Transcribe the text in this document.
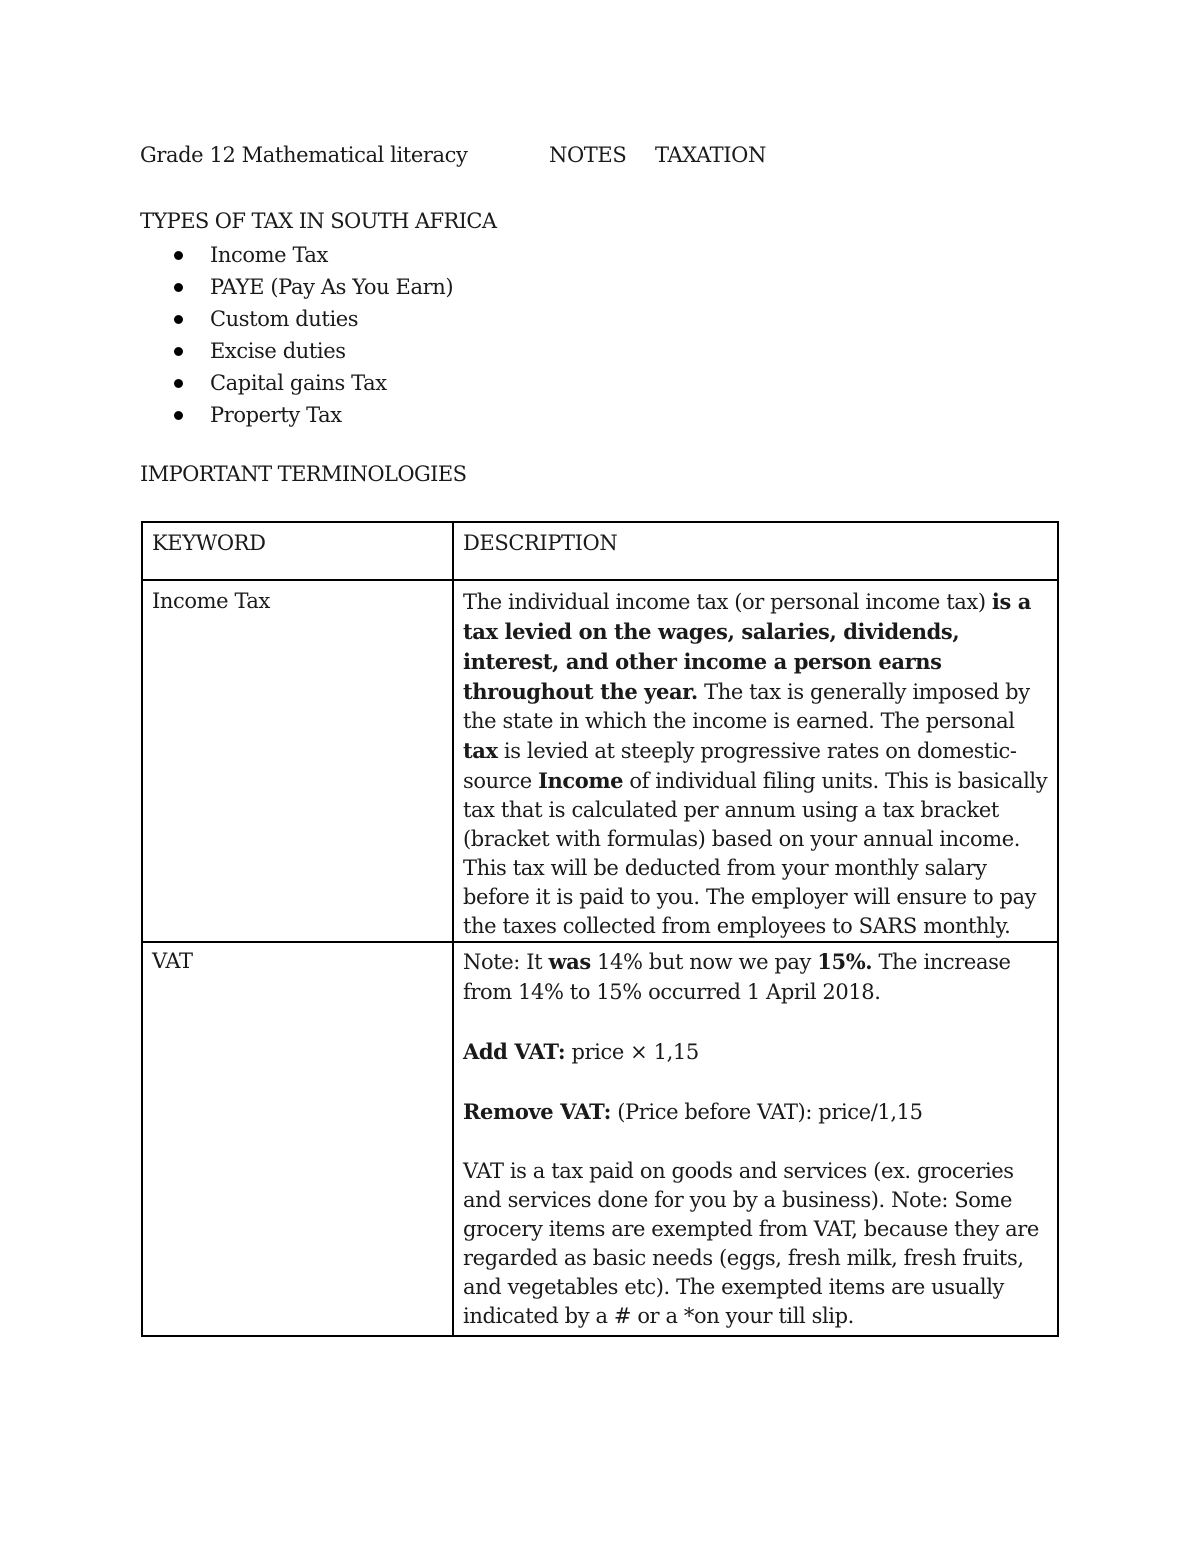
Grade 12 Mathematical literacy	NOTES TAXATION
TYPES OF TAX IN SOUTH AFRICA
Income Tax
PAYE (Pay As You Earn)
Custom duties
Excise duties
Capital gains Tax
Property Tax
IMPORTANT TERMINOLOGIES
KEYWORD	DESCRIPTION
Income Tax	The individual income tax (or personal income tax) is a tax levied on the wages, salaries, dividends, interest, and other income a person earns throughout the year. The tax is generally imposed by the state in which the income is earned. The personal tax is levied at steeply progressive rates on domestic-source Income of individual filing units. This is basically tax that is calculated per annum using a tax bracket (bracket with formulas) based on your annual income. This tax will be deducted from your monthly salary before it is paid to you. The employer will ensure to pay the taxes collected from employees to SARS monthly.

VAT	Note: It was 14% but now we pay 15%. The increase from 14% to 15% occurred 1 April 2018.

Add VAT: price × 1,15

Remove VAT: (Price before VAT): price/1,15

VAT is a tax paid on goods and services (ex. groceries and services done for you by a business). Note: Some grocery items are exempted from VAT, because they are regarded as basic needs (eggs, fresh milk, fresh fruits, and vegetables etc). The exempted items are usually indicated by a # or a *on your till slip.
